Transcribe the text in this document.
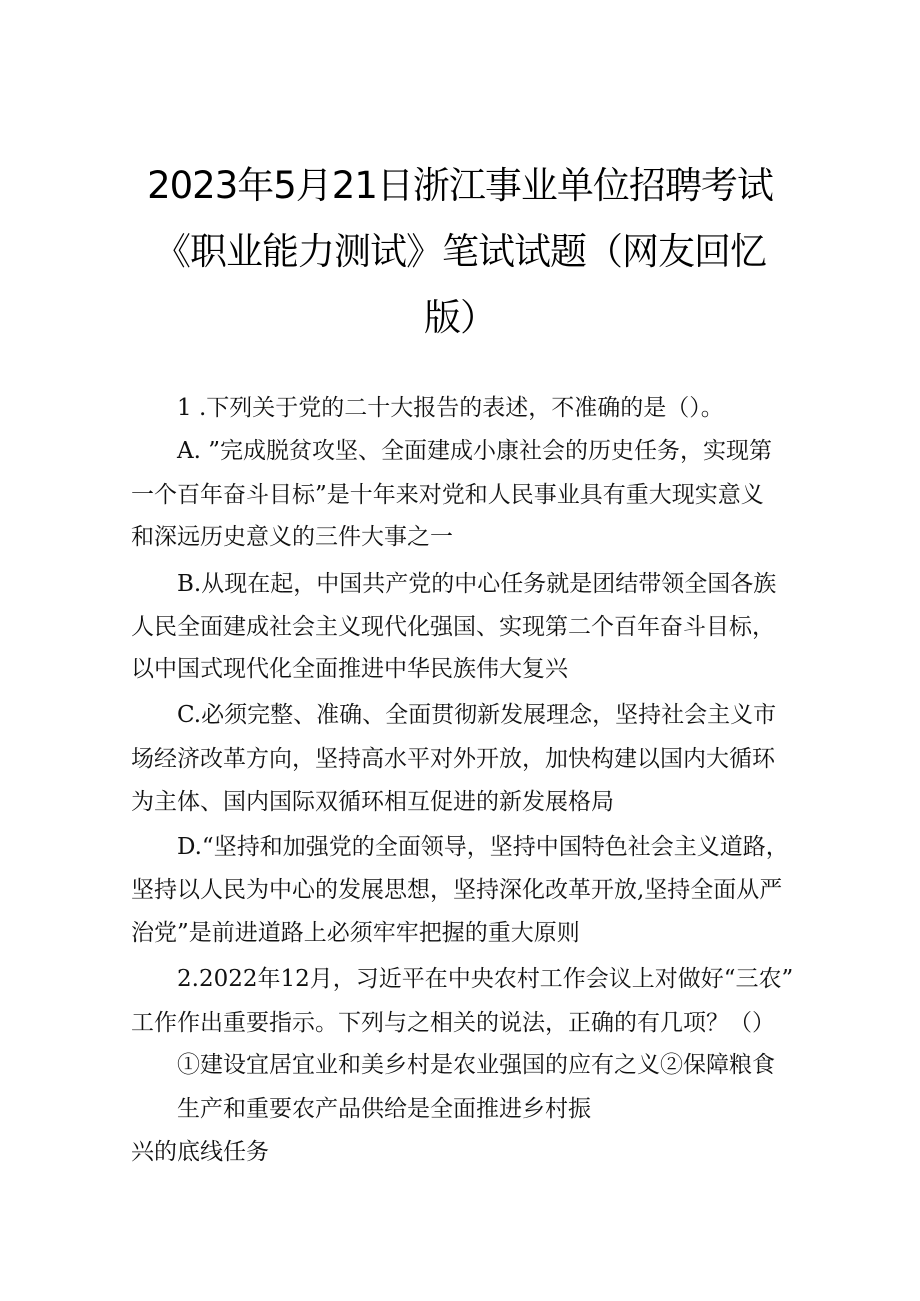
2023年5月21日浙江事业单位招聘考试
《职业能力测试》笔试试题（网友回忆
版）
1 .下列关于党的二十大报告的表述，不准确的是（）。
A. ”完成脱贫攻坚、全面建成小康社会的历史任务，实现第
一个百年奋斗目标”是十年来对党和人民事业具有重大现实意义
和深远历史意义的三件大事之一
B.从现在起，中国共产党的中心任务就是团结带领全国各族
人民全面建成社会主义现代化强国、实现第二个百年奋斗目标，
以中国式现代化全面推进中华民族伟大复兴
C.必须完整、准确、全面贯彻新发展理念，坚持社会主义市
场经济改革方向，坚持高水平对外开放，加快构建以国内大循环
为主体、国内国际双循环相互促进的新发展格局
D.“坚持和加强党的全面领导，坚持中国特色社会主义道路，
坚持以人民为中心的发展思想，坚持深化改革开放,坚持全面从严
治党”是前进道路上必须牢牢把握的重大原则
2.2022年12月，习近平在中央农村工作会议上对做好“三农”
工作作出重要指示。下列与之相关的说法，正确的有几项？（）
①建设宜居宜业和美乡村是农业强国的应有之义②保障粮食
生产和重要农产品供给是全面推进乡村振
兴的底线任务
